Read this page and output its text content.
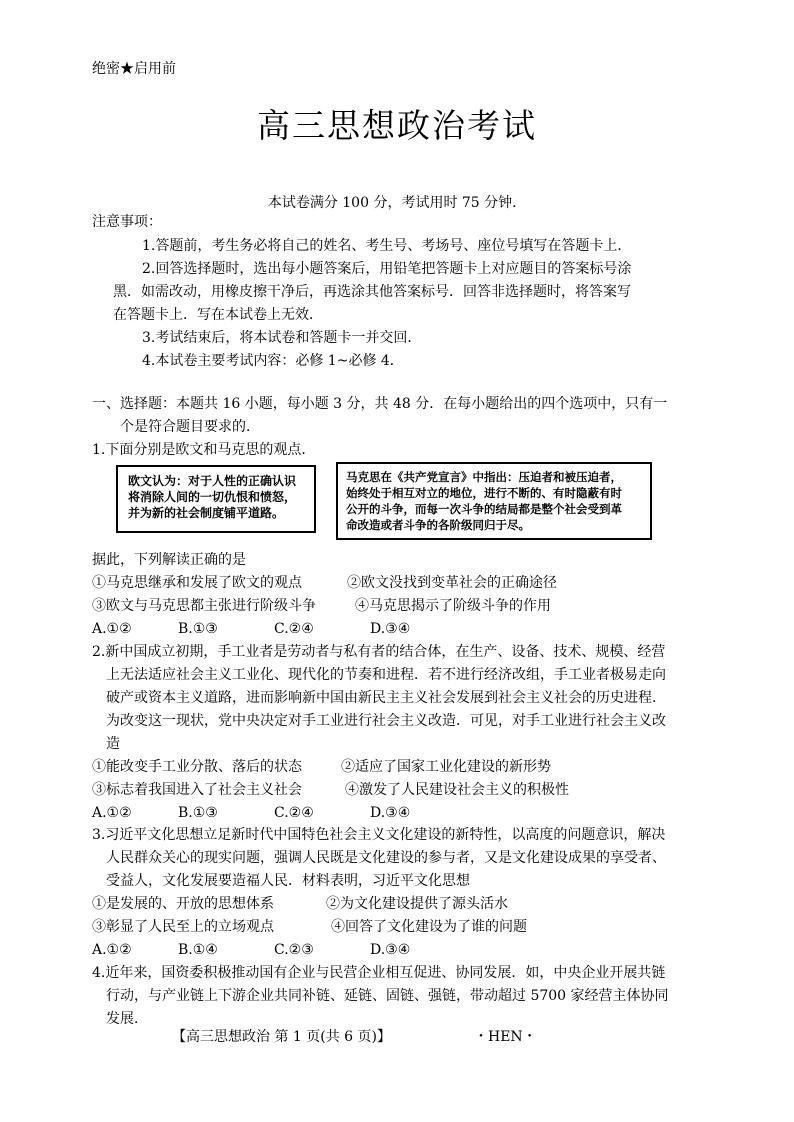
绝密★启用前
高三思想政治考试
本试卷满分 100 分，考试用时 75 分钟．
注意事项：
1.答题前，考生务必将自己的姓名、考生号、考场号、座位号填写在答题卡上．
2.回答选择题时，选出每小题答案后，用铅笔把答题卡上对应题目的答案标号涂
黑．如需改动，用橡皮擦干净后，再选涂其他答案标号．回答非选择题时，将答案写
在答题卡上．写在本试卷上无效．
3.考试结束后，将本试卷和答题卡一并交回．
4.本试卷主要考试内容：必修 1~必修 4．
一、选择题：本题共 16 小题，每小题 3 分，共 48 分．在每小题给出的四个选项中，只有一
个是符合题目要求的．
1.下面分别是欧文和马克思的观点．
欧文认为：对于人性的正确认识
将消除人间的一切仇恨和愤怒，
并为新的社会制度铺平道路。
马克思在《共产党宣言》中指出：压迫者和被压迫者，
始终处于相互对立的地位，进行不断的、有时隐蔽有时
公开的斗争，而每一次斗争的结局都是整个社会受到革
命改造或者斗争的各阶级同归于尽。
据此，下列解读正确的是
①马克思继承和发展了欧文的观点	②欧文没找到变革社会的正确途径
③欧文与马克思都主张进行阶级斗争	④马克思揭示了阶级斗争的作用
A.①②	B.①③	C.②④	D.③④
2.新中国成立初期，手工业者是劳动者与私有者的结合体，在生产、设备、技术、规模、经营
上无法适应社会主义工业化、现代化的节奏和进程．若不进行经济改组，手工业者极易走向
破产或资本主义道路，进而影响新中国由新民主主义社会发展到社会主义社会的历史进程．
为改变这一现状，党中央决定对手工业进行社会主义改造．可见，对手工业进行社会主义改
造
①能改变手工业分散、落后的状态	②适应了国家工业化建设的新形势
③标志着我国进入了社会主义社会	④激发了人民建设社会主义的积极性
A.①②	B.①③	C.②④	D.③④
3.习近平文化思想立足新时代中国特色社会主义文化建设的新特性，以高度的问题意识，解决
人民群众关心的现实问题，强调人民既是文化建设的参与者，又是文化建设成果的享受者、
受益人，文化发展要造福人民．材料表明，习近平文化思想
①是发展的、开放的思想体系	②为文化建设提供了源头活水
③彰显了人民至上的立场观点	④回答了文化建设为了谁的问题
A.①②	B.①④	C.②③	D.③④
4.近年来，国资委积极推动国有企业与民营企业相互促进、协同发展．如，中央企业开展共链
行动，与产业链上下游企业共同补链、延链、固链、强链，带动超过 5700 家经营主体协同
发展．
【高三思想政治 第 1 页(共 6 页)】	・HEN・
